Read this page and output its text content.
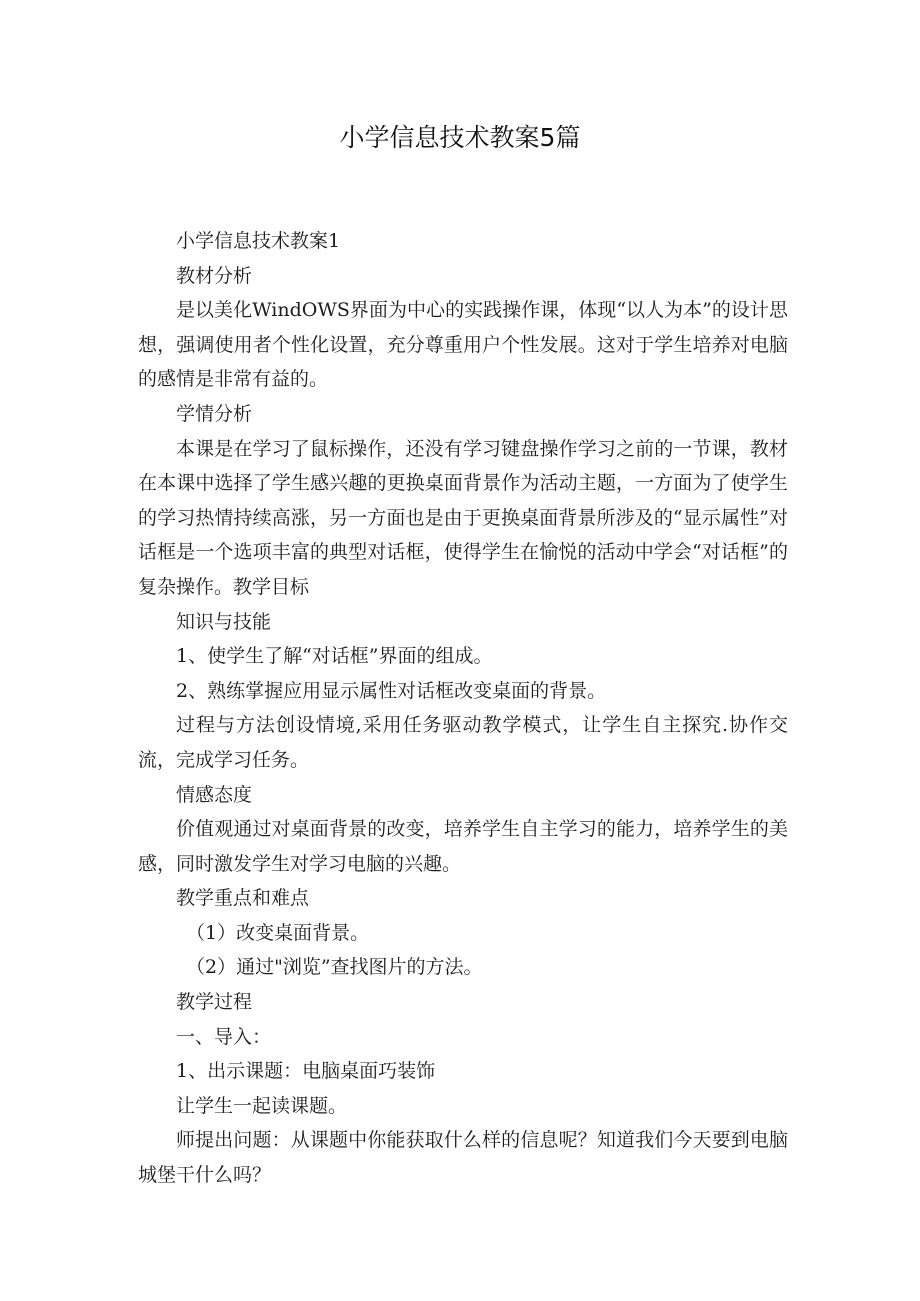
小学信息技术教案5篇

小学信息技术教案1

教材分析

是以美化WindOWS界面为中心的实践操作课，体现“以人为本”的设计思想，强调使用者个性化设置，充分尊重用户个性发展。这对于学生培养对电脑的感情是非常有益的。

学情分析

本课是在学习了鼠标操作，还没有学习键盘操作学习之前的一节课，教材在本课中选择了学生感兴趣的更换桌面背景作为活动主题，一方面为了使学生的学习热情持续高涨，另一方面也是由于更换桌面背景所涉及的“显示属性”对话框是一个选项丰富的典型对话框，使得学生在愉悦的活动中学会“对话框”的复杂操作。教学目标

知识与技能

1、使学生了解“对话框”界面的组成。

2、熟练掌握应用显示属性对话框改变桌面的背景。

过程与方法创设情境,采用任务驱动教学模式，让学生自主探究.协作交流，完成学习任务。

情感态度

价值观通过对桌面背景的改变，培养学生自主学习的能力，培养学生的美感，同时激发学生对学习电脑的兴趣。

教学重点和难点

（1）改变桌面背景。

（2）通过"浏览”查找图片的方法。

教学过程

一、导入：

1、出示课题：电脑桌面巧装饰

让学生一起读课题。

师提出问题：从课题中你能获取什么样的信息呢？知道我们今天要到电脑城堡干什么吗？
